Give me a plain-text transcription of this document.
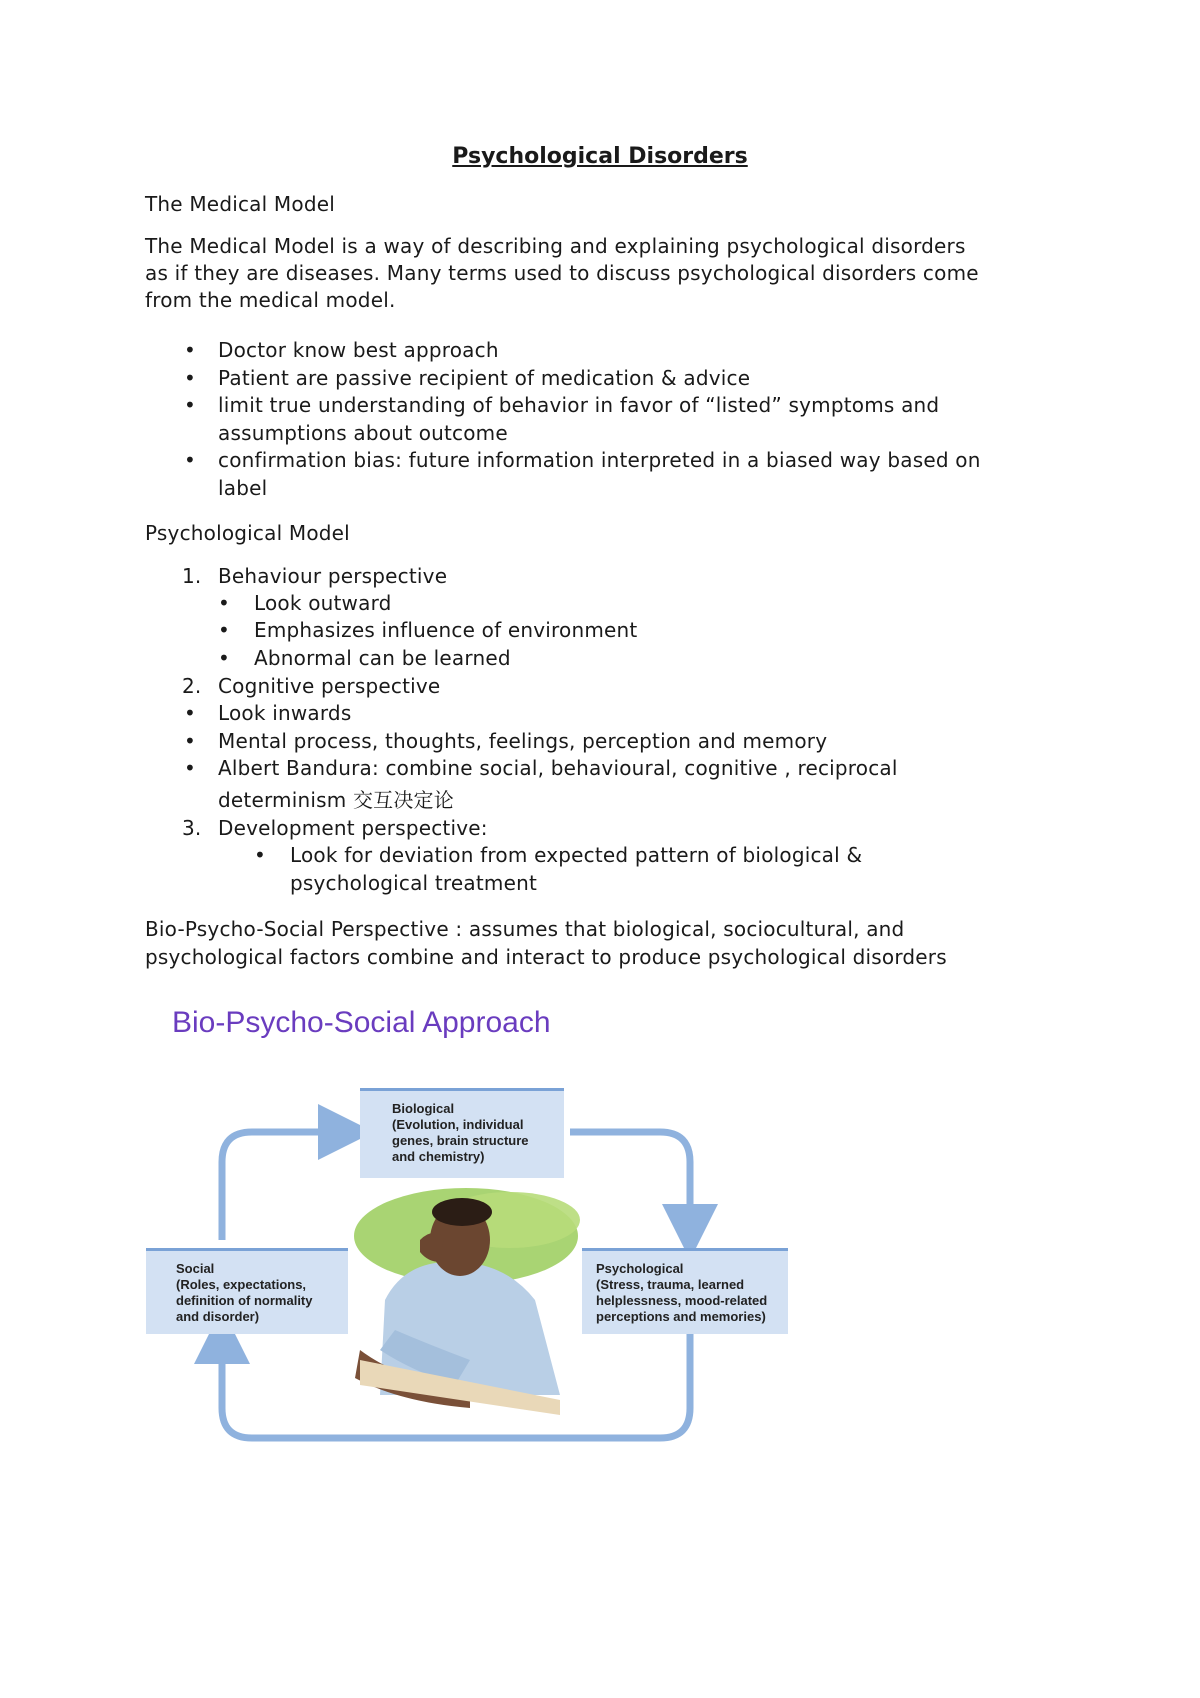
Psychological Disorders
The Medical Model
The Medical Model is a way of describing and explaining psychological disorders
as if they are diseases. Many terms used to discuss psychological disorders come
from the medical model.
• Doctor know best approach
• Patient are passive recipient of medication & advice
• limit true understanding of behavior in favor of “listed” symptoms and
assumptions about outcome
• confirmation bias: future information interpreted in a biased way based on
label
Psychological Model
1. Behaviour perspective
• Look outward
• Emphasizes influence of environment
• Abnormal can be learned
2. Cognitive perspective
• Look inwards
• Mental process, thoughts, feelings, perception and memory
• Albert Bandura: combine social, behavioural, cognitive , reciprocal
determinism 交互决定论
3. Development perspective:
• Look for deviation from expected pattern of biological &
psychological treatment
Bio-Psycho-Social Perspective : assumes that biological, sociocultural, and
psychological factors combine and interact to produce psychological disorders
Bio-Psycho-Social Approach
Biological
(Evolution, individual
genes, brain structure
and chemistry)
Social
(Roles, expectations,
definition of normality
and disorder)
Psychological
(Stress, trauma, learned
helplessness, mood-related
perceptions and memories)
